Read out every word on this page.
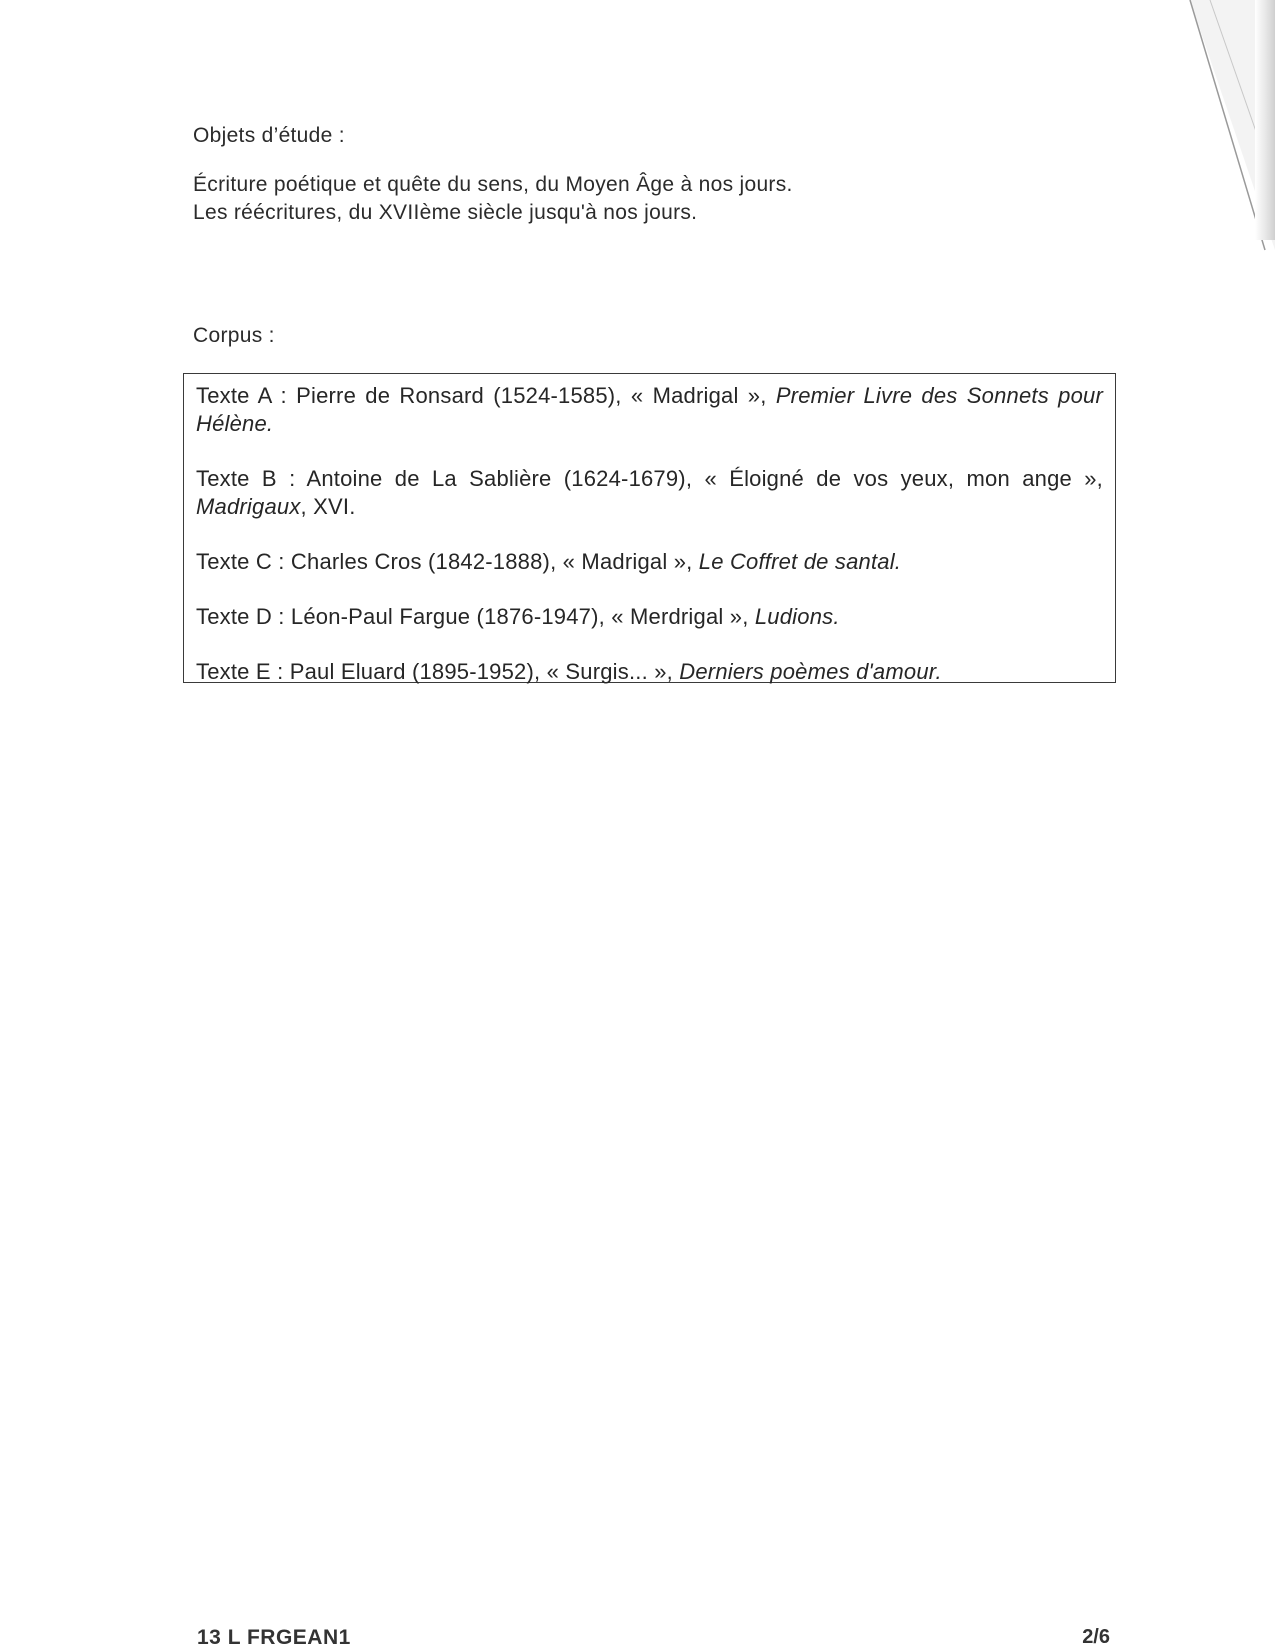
Objets d’étude :
Écriture poétique et quête du sens, du Moyen Âge à nos jours.
Les réécritures, du XVIIème siècle jusqu'à nos jours.
Corpus :

Texte A : Pierre de Ronsard (1524-1585), « Madrigal », Premier Livre des Sonnets pour Hélène.

Texte B : Antoine de La Sablière (1624-1679), « Éloigné de vos yeux, mon ange », Madrigaux, XVI.

Texte C : Charles Cros (1842-1888), « Madrigal », Le Coffret de santal.

Texte D : Léon-Paul Fargue (1876-1947), « Merdrigal », Ludions.

Texte E : Paul Eluard (1895-1952), « Surgis... », Derniers poèmes d'amour.

13 L FRGEAN1	2/6
